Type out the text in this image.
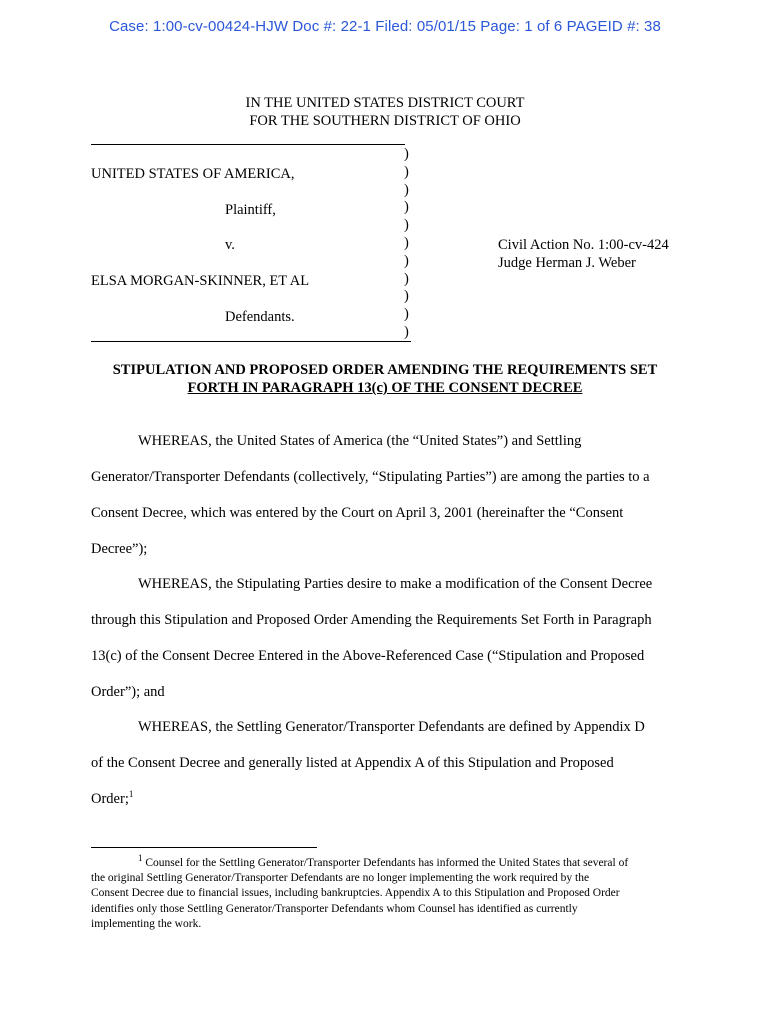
Case: 1:00-cv-00424-HJW Doc #: 22-1 Filed: 05/01/15 Page: 1 of 6 PAGEID #: 38
IN THE UNITED STATES DISTRICT COURT
FOR THE SOUTHERN DISTRICT OF OHIO
UNITED STATES OF AMERICA,
Plaintiff,
v.
ELSA MORGAN-SKINNER, ET AL
Defendants.
)
)
)
)
)
)
)
)
)
)
)
Civil Action No. 1:00-cv-424
Judge Herman J. Weber
STIPULATION AND PROPOSED ORDER AMENDING THE REQUIREMENTS SET
FORTH IN PARAGRAPH 13(c) OF THE CONSENT DECREE
WHEREAS, the United States of America (the “United States”) and Settling
Generator/Transporter Defendants (collectively, “Stipulating Parties”) are among the parties to a
Consent Decree, which was entered by the Court on April 3, 2001 (hereinafter the “Consent
Decree”);
WHEREAS, the Stipulating Parties desire to make a modification of the Consent Decree
through this Stipulation and Proposed Order Amending the Requirements Set Forth in Paragraph
13(c) of the Consent Decree Entered in the Above-Referenced Case (“Stipulation and Proposed
Order”); and
WHEREAS, the Settling Generator/Transporter Defendants are defined by Appendix D
of the Consent Decree and generally listed at Appendix A of this Stipulation and Proposed
Order;$^1$
$^1$ Counsel for the Settling Generator/Transporter Defendants has informed the United States that several of
the original Settling Generator/Transporter Defendants are no longer implementing the work required by the
Consent Decree due to financial issues, including bankruptcies. Appendix A to this Stipulation and Proposed Order
identifies only those Settling Generator/Transporter Defendants whom Counsel has identified as currently
implementing the work.
